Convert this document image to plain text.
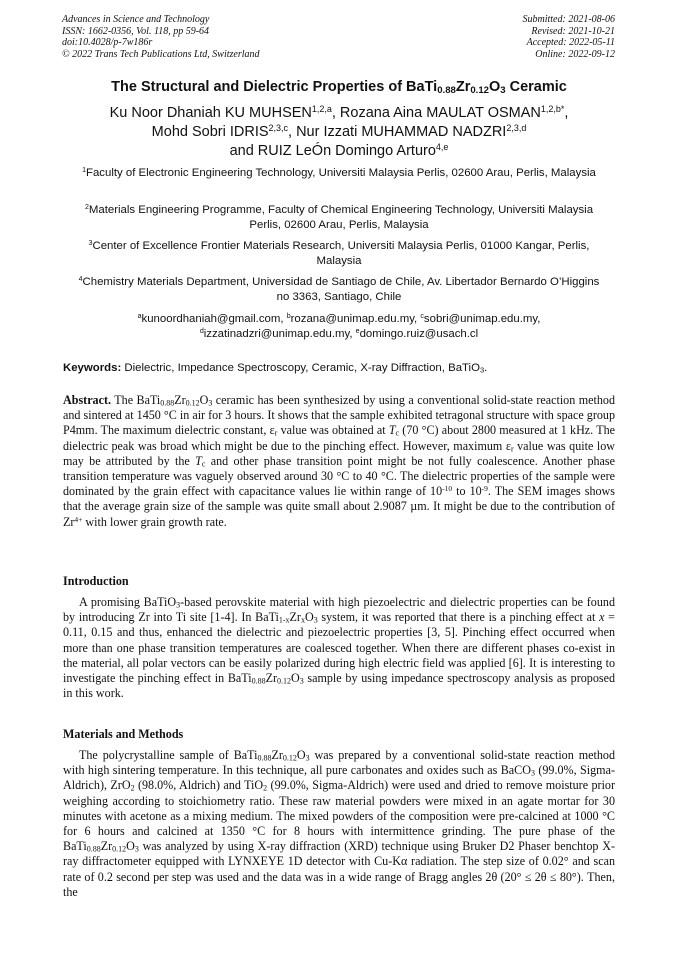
Advances in Science and Technology
ISSN: 1662-0356, Vol. 118, pp 59-64
doi:10.4028/p-7w186r
© 2022 Trans Tech Publications Ltd, Switzerland
Submitted: 2021-08-06
Revised: 2021-10-21
Accepted: 2022-05-11
Online: 2022-09-12
The Structural and Dielectric Properties of $BaTi_{0.88}Zr_{0.12}O_3$ Ceramic
Ku Noor Dhaniah KU MUHSEN$^{1,2,a}$, Rozana Aina MAULAT $OSMAN^{1,2,b*}$,
Mohd Sobri IDRIS$^{2,3,c}$, Nur Izzati MUHAMMAD NADZRI$^{2,3,d}$
and RUIZ LeÓn Domingo Arturo$^{4,e}$
$^1$Faculty of Electronic Engineering Technology, Universiti Malaysia Perlis, 02600 Arau, Perlis, Malaysia
$^2$Materials Engineering Programme, Faculty of Chemical Engineering Technology, Universiti Malaysia Perlis, 02600 Arau, Perlis, Malaysia
$^3$Center of Excellence Frontier Materials Research, Universiti Malaysia Perlis, 01000 Kangar, Perlis, Malaysia
$^4$Chemistry Materials Department, Universidad de Santiago de Chile, Av. Libertador Bernardo O’Higgins no 3363, Santiago, Chile
$^a$kunoordhaniah@gmail.com, $^b$rozana@unimap.edu.my, $^c$sobri@unimap.edu.my,
$^d$izzatinadzri@unimap.edu.my, $^e$domingo.ruiz@usach.cl
Keywords: Dielectric, Impedance Spectroscopy, Ceramic, X-ray Diffraction, BaTiO$_3$.

Abstract. The $BaTi_{0.88}Zr_{0.12}O_3$ ceramic has been synthesized by using a conventional solid-state reaction method and sintered at 1450 °C in air for 3 hours. It shows that the sample exhibited tetragonal structure with space group P4mm. The maximum dielectric constant, $\varepsilon_r$ value was obtained at $T_c$ (70 °C) about 2800 measured at 1 kHz. The dielectric peak was broad which might be due to the pinching effect. However, maximum $\varepsilon_r$ value was quite low may be attributed by the $T_c$ and other phase transition point might be not fully coalescence. Another phase transition temperature was vaguely observed around 30 °C to 40 °C. The dielectric properties of the sample were dominated by the grain effect with capacitance values lie within range of $10^{-10}$ to $10^{-9}$. The SEM images shows that the average grain size of the sample was quite small about 2.9087 µm. It might be due to the contribution of $Zr^{4+}$ with lower grain growth rate.

Introduction

A promising BaTiO$_3$-based perovskite material with high piezoelectric and dielectric properties can be found by introducing Zr into Ti site [1-4]. In $BaTi_{1-x}Zr_xO_3$ system, it was reported that there is a pinching effect at x = 0.11, 0.15 and thus, enhanced the dielectric and piezoelectric properties [3, 5]. Pinching effect occurred when more than one phase transition temperatures are coalesced together. When there are different phases co-exist in the material, all polar vectors can be easily polarized during high electric field was applied [6]. It is interesting to investigate the pinching effect in $BaTi_{0.88}Zr_{0.12}O_3$ sample by using impedance spectroscopy analysis as proposed in this work.

Materials and Methods

The polycrystalline sample of $BaTi_{0.88}Zr_{0.12}O_3$ was prepared by a conventional solid-state reaction method with high sintering temperature. In this technique, all pure carbonates and oxides such as BaCO$_3$ (99.0%, Sigma-Aldrich), ZrO$_2$ (98.0%, Aldrich) and TiO$_2$ (99.0%, Sigma-Aldrich) were used and dried to remove moisture prior weighing according to stoichiometry ratio. These raw material powders were mixed in an agate mortar for 30 minutes with acetone as a mixing medium. The mixed powders of the composition were pre-calcined at 1000 °C for 6 hours and calcined at 1350 °C for 8 hours with intermittence grinding. The pure phase of the $BaTi_{0.88}Zr_{0.12}O_3$ was analyzed by using X-ray diffraction (XRD) technique using Bruker D2 Phaser benchtop X-ray diffractometer equipped with LYNXEYE 1D detector with Cu-Kα radiation. The step size of 0.02° and scan rate of 0.2 second per step was used and the data was in a wide range of Bragg angles 2θ (20° ≤ 2θ ≤ 80°). Then, the
